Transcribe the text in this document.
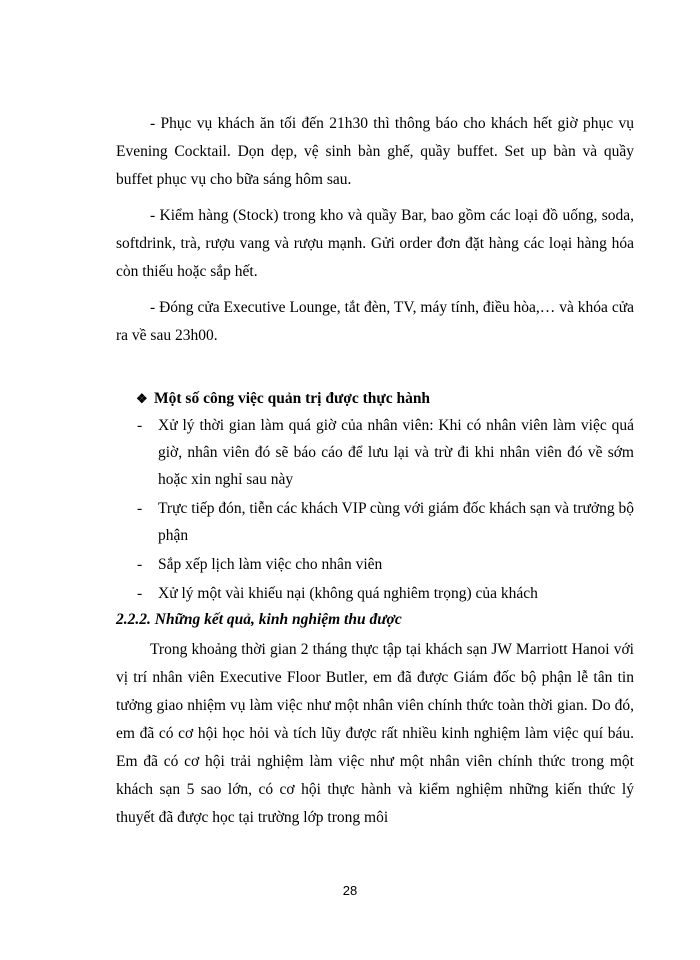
- Phục vụ khách ăn tối đến 21h30 thì thông báo cho khách hết giờ phục vụ Evening Cocktail. Dọn dẹp, vệ sinh bàn ghế, quầy buffet. Set up bàn và quầy buffet phục vụ cho bữa sáng hôm sau.

- Kiểm hàng (Stock) trong kho và quầy Bar, bao gồm các loại đồ uống, soda, softdrink, trà, rượu vang và rượu mạnh. Gửi order đơn đặt hàng các loại hàng hóa còn thiếu hoặc sắp hết.

- Đóng cửa Executive Lounge, tắt đèn, TV, máy tính, điều hòa,… và khóa cửa ra về sau 23h00.

❖ Một số công việc quản trị được thực hành

- Xử lý thời gian làm quá giờ của nhân viên: Khi có nhân viên làm việc quá giờ, nhân viên đó sẽ báo cáo để lưu lại và trừ đi khi nhân viên đó về sớm hoặc xin nghỉ sau này
- Trực tiếp đón, tiễn các khách VIP cùng với giám đốc khách sạn và trưởng bộ phận
- Sắp xếp lịch làm việc cho nhân viên
- Xử lý một vài khiếu nại (không quá nghiêm trọng) của khách

2.2.2. Những kết quả, kinh nghiệm thu được

Trong khoảng thời gian 2 tháng thực tập tại khách sạn JW Marriott Hanoi với vị trí nhân viên Executive Floor Butler, em đã được Giám đốc bộ phận lễ tân tin tưởng giao nhiệm vụ làm việc như một nhân viên chính thức toàn thời gian. Do đó, em đã có cơ hội học hỏi và tích lũy được rất nhiều kinh nghiệm làm việc quí báu. Em đã có cơ hội trải nghiệm làm việc như một nhân viên chính thức trong một khách sạn 5 sao lớn, có cơ hội thực hành và kiểm nghiệm những kiến thức lý thuyết đã được học tại trường lớp trong môi

28
